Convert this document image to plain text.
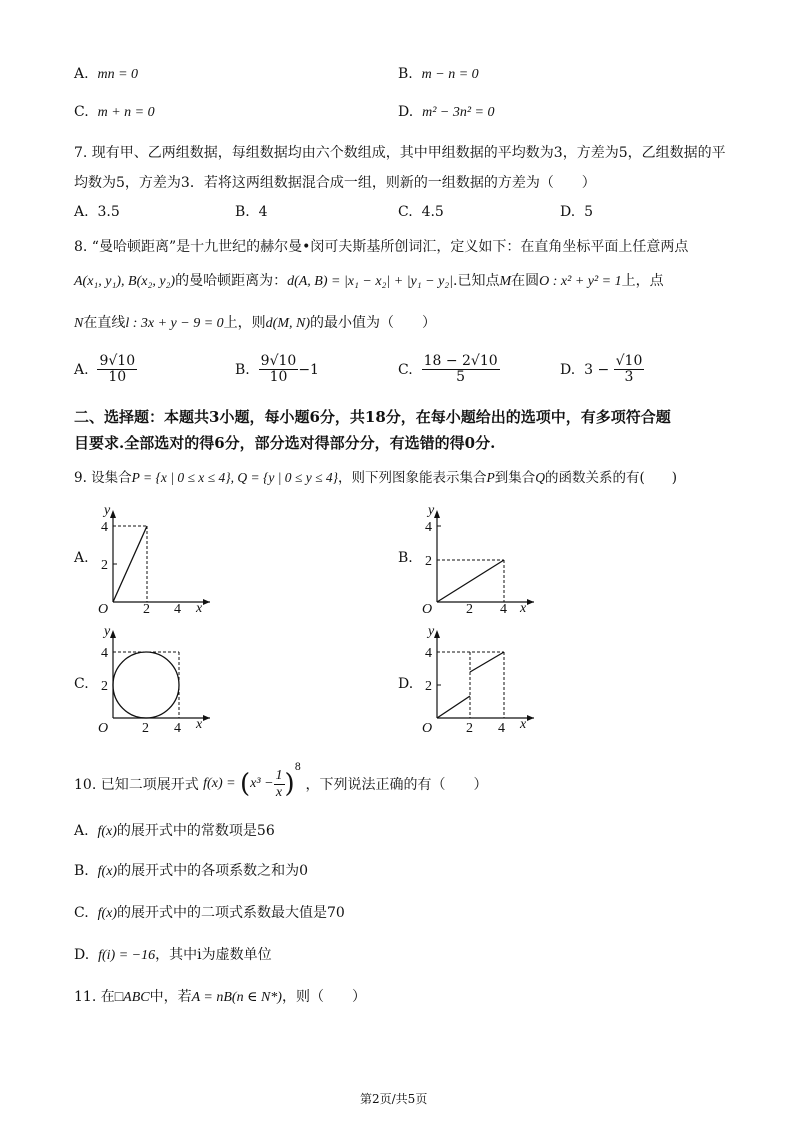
A. mn = 0	B. m − n = 0
C. m + n = 0	D. m² − 3n² = 0
7. 现有甲、乙两组数据，每组数据均由六个数组成，其中甲组数据的平均数为3，方差为5，乙组数据的平
均数为5，方差为3．若将这两组数据混合成一组，则新的一组数据的方差为（　　）
A. 3.5	B. 4	C. 4.5	D. 5
8. “曼哈顿距离”是十九世纪的赫尔曼•闵可夫斯基所创词汇，定义如下：在直角坐标平面上任意两点
A(x₁, y₁), B(x₂, y₂)的曼哈顿距离为：d(A, B) = |x₁ − x₂| + |y₁ − y₂|.已知点M在圆O : x² + y² = 1上，点
N在直线l : 3x + y − 9 = 0上，则d(M, N)的最小值为（　　）
A. $\frac{9√10}{10}$	B. $\frac{9√10}{10} -1$	C. $\frac{18 - 2√10}{5}$	D. $3 - \frac{√10}{3}$
二、选择题：本题共3小题，每小题6分，共18分，在每小题给出的选项中，有多项符合题
目要求.全部选对的得6分，部分选对得部分分，有选错的得0分.
9. 设集合P = {x | 0 ≤ x ≤ 4}, Q = {y | 0 ≤ y ≤ 4}，则下列图象能表示集合P到集合Q的函数关系的有(　　)
A.	B.
C.	D.
y
4
2
O 2 4 x
y
4
2
O 2 4 x
y
4
2
O 2 4 x
y
4
2
O 2 4 x
10. 已知二项展开式 $f(x) = (x^3 - \frac{1}{x} )^8$ ，下列说法正确的有（　　）
A. f(x)的展开式中的常数项是56
B. f(x)的展开式中的各项系数之和为0
C. f(x)的展开式中的二项式系数最大值是70
D. f(i) = −16，其中i为虚数单位
11. 在□ABC中，若A = nB(n ∈ N*)，则（　　）
第2页/共5页
